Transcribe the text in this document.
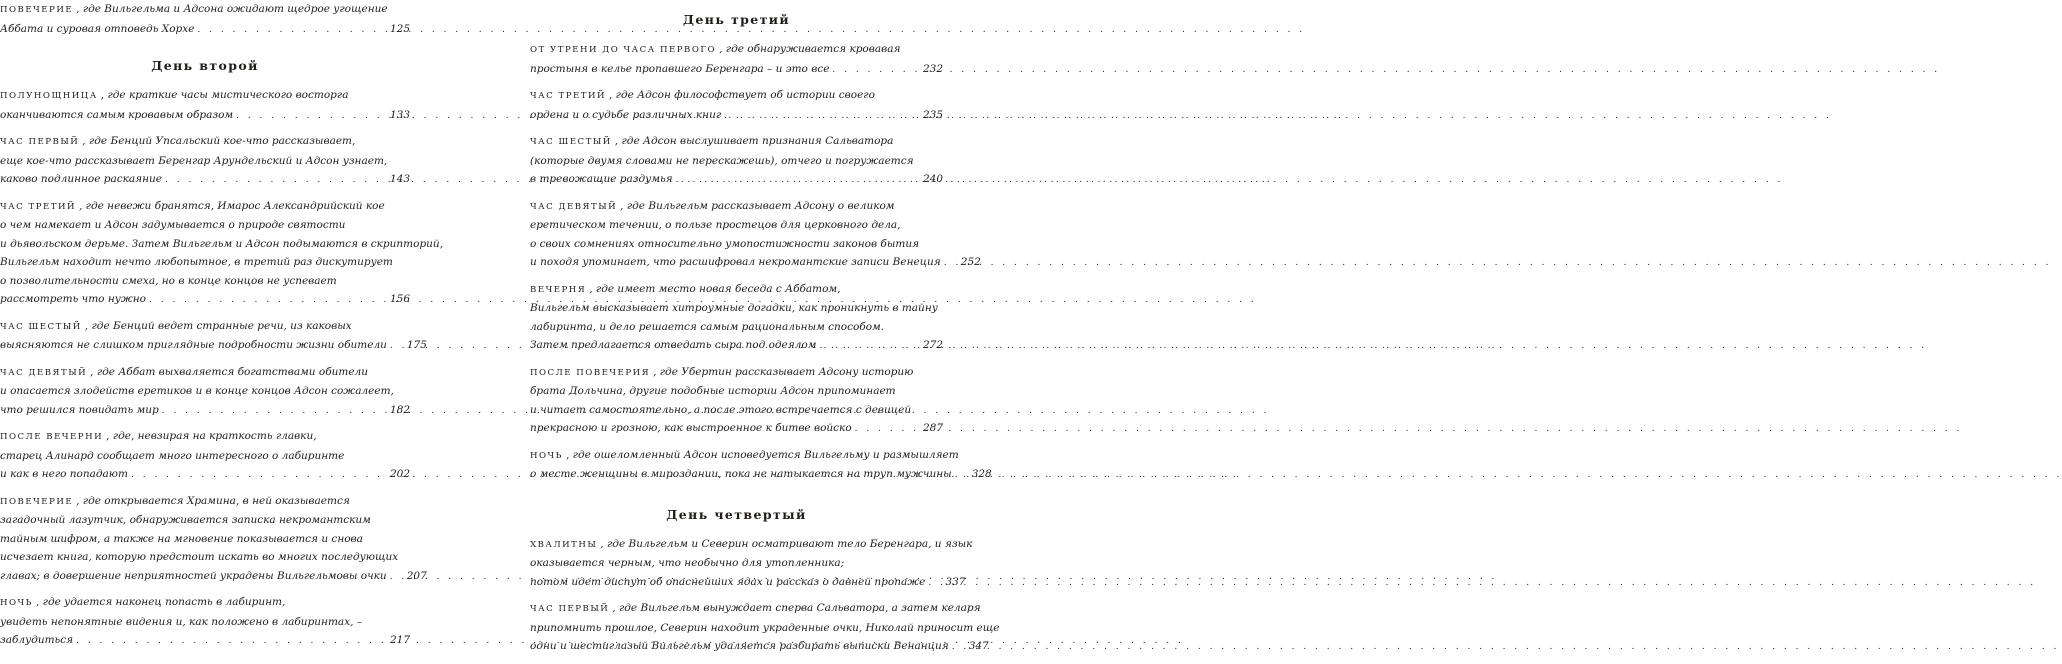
ПОВЕЧЕРИЕ , где Вильгельма и Адсона ожидают щедрое угощение
Аббата и суровая отповедь Хорхе . . .	125
День второй
ПОЛУНОЩНИЦА , где краткие часы мистического восторга
оканчиваются самым кровавым образом . . .	133
ЧАС ПЕРВЫЙ , где Бенций Упсальский кое-что рассказывает,
еще кое-что рассказывает Беренгар Арундельский и Адсон узнает,
каково подлинное раскаяние . . .	143
ЧАС ТРЕТИЙ , где невежи бранятся, Имарос Александрийский кое
о чем намекает и Адсон задумывается о природе святости
и дьявольском дерьме. Затем Вильгельм и Адсон подымаются в скрипторий,
Вильгельм находит нечто любопытное, в третий раз дискутирует
о позволительности смеха, но в конце концов не успевает
рассмотреть что нужно . . .	156
ЧАС ШЕСТЫЙ , где Бенций ведет странные речи, из каковых
выясняются не слишком приглядные подробности жизни обители . . . 175
ЧАС ДЕВЯТЫЙ , где Аббат выхваляется богатствами обители
и опасается злодейств еретиков и в конце концов Адсон сожалеет,
что решился повидать мир . . .	182
ПОСЛЕ ВЕЧЕРНИ , где, невзирая на краткость главки,
старец Алинард сообщает много интересного о лабиринте
и как в него попадают . . .	202
ПОВЕЧЕРИЕ , где открывается Храмина, в ней оказывается
загадочный лазутчик, обнаруживается записка некромантским
тайным шифром, а также на мгновение показывается и снова
исчезает книга, которую предстоит искать во многих последующих
главах; в довершение неприятностей украдены Вильгельмовы очки . . . 207
НОЧЬ , где удается наконец попасть в лабиринт,
увидеть непонятные видения и, как положено в лабиринтах, –
заблудиться . . .	217
День третий
ОТ УТРЕНИ ДО ЧАСА ПЕРВОГО , где обнаруживается кровавая
простыня в келье пропавшего Беренгара – и это все . . .	232
ЧАС ТРЕТИЙ , где Адсон философствует об истории своего
ордена и о судьбе различных книг . . .	235
ЧАС ШЕСТЫЙ , где Адсон выслушивает признания Сальватора
(которые двумя словами не перескажешь), отчего и погружается
в тревожащие раздумья . . .	240
ЧАС ДЕВЯТЫЙ , где Вильгельм рассказывает Адсону о великом
еретическом течении, о пользе простецов для церковного дела,
о своих сомнениях относительно умопостижности законов бытия
и походя упоминает, что расшифровал некромантские записи Венеция . . . 252
ВЕЧЕРНЯ , где имеет место новая беседа с Аббатом,
Вильгельм высказывает хитроумные догадки, как проникнуть в тайну
лабиринта, и дело решается самым рациональным способом.
Затем предлагается отведать сыра под одеялом . . .	272
ПОСЛЕ ПОВЕЧЕРИЯ , где Убертин рассказывает Адсону историю
брата Дольчина, другие подобные истории Адсон припоминает
и читает самостоятельно, а после этого встречается с девицей
прекрасною и грозною, как выстроенное к битве войско . . .	287
НОЧЬ , где ошеломленный Адсон исповедуется Вильгельму и размышляет
о месте женщины в мироздании, пока не натыкается на труп мужчины . . . 328
День четвертый
ХВАЛИТНЫ , где Вильгельм и Северин осматривают тело Беренгара, и язык
оказывается черным, что необычно для утопленника;
потом идет диспут об опаснейших ядах и рассказ о давней пропаже . . . 337
ЧАС ПЕРВЫЙ , где Вильгельм вынуждает сперва Сальватора, а затем келаря
припомнить прошлое, Северин находит украденные очки, Николай приносит еще
одни и шестиглазый Вильгельм удаляется разбирать выписки Венанция . . . 347
